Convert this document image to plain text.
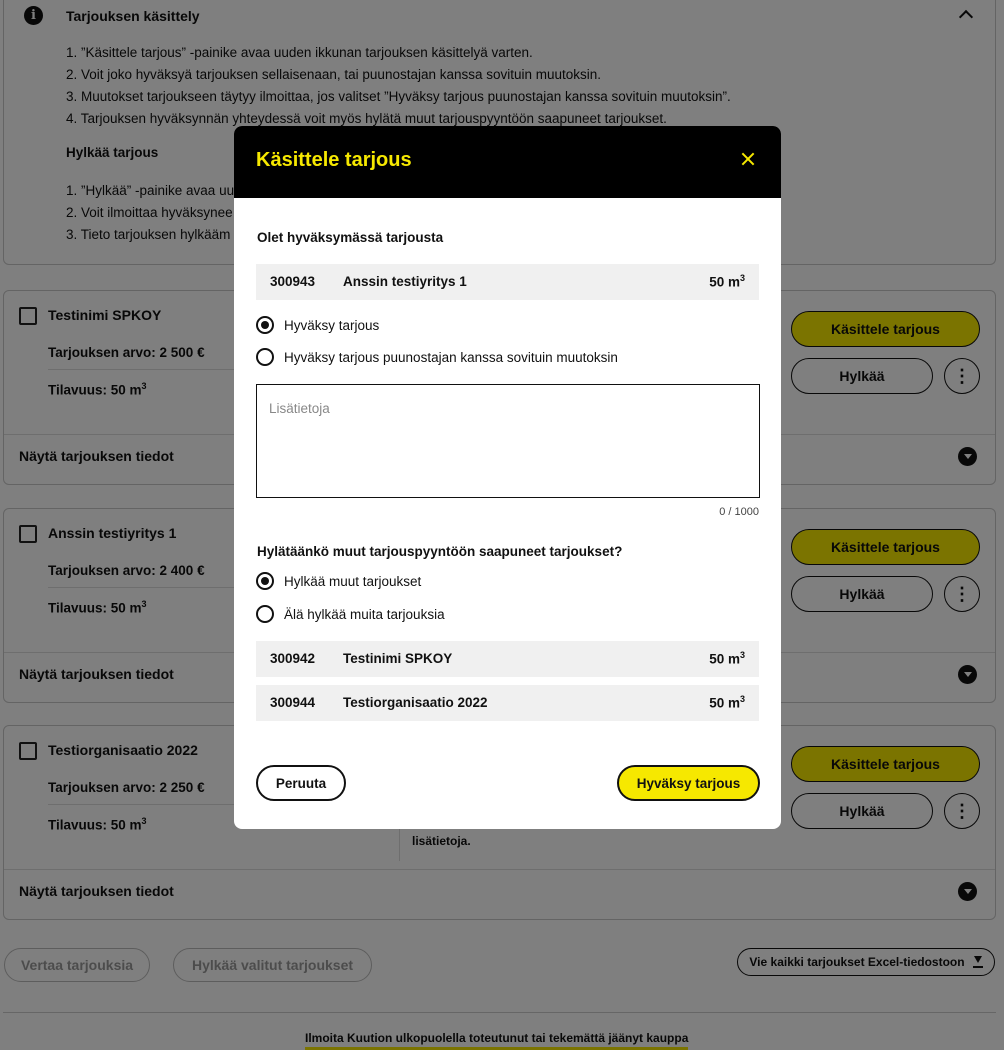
Käsittele tarjous
Olet hyväksymässä tarjousta
300943 Anssin testiyritys 1	50 $m^3$
Hyväksy tarjous
Hyväksy tarjous puunostajan kanssa sovituin muutoksin
Lisätietoja
0 / 1000
Hylätäänkö muut tarjouspyyntöön saapuneet tarjoukset?
Hylkää muut tarjoukset
Älä hylkää muita tarjouksia
300942 Testinimi SPKOY	50 $m^3$
300944 Testiorganisaatio 2022	50 $m^3$
Peruuta	Hyväksy tarjous
